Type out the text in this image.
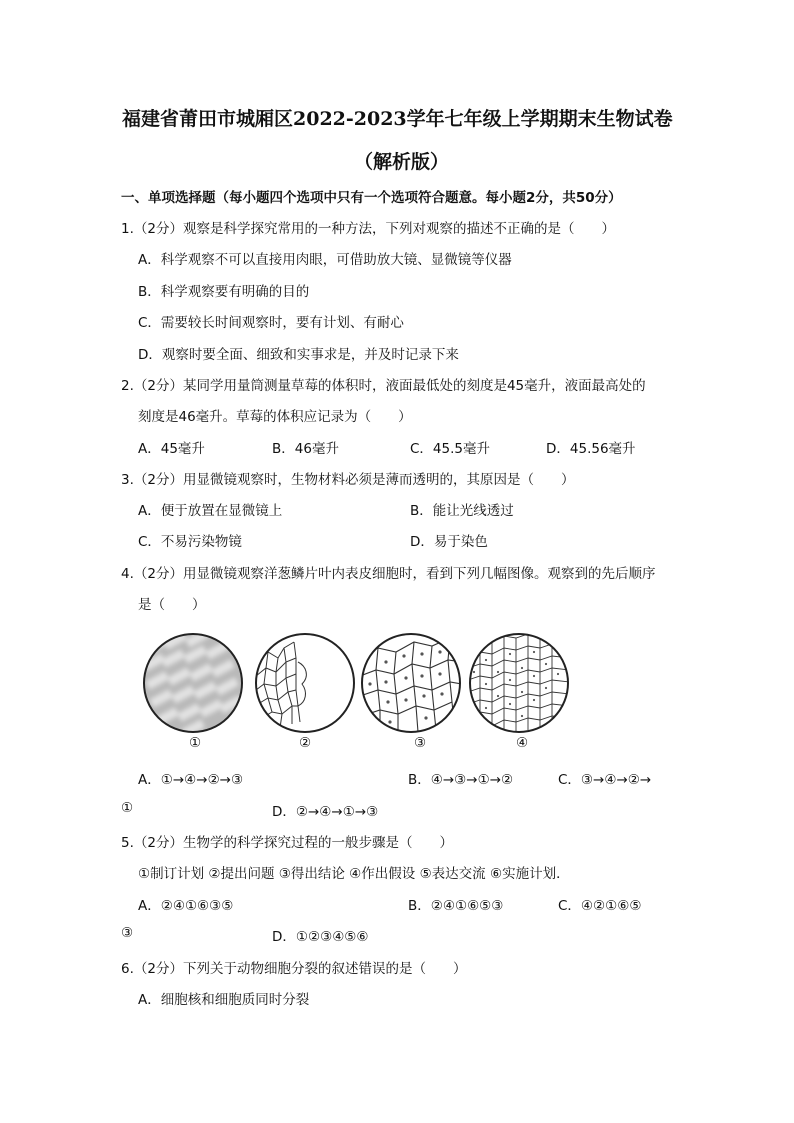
福建省莆田市城厢区2022-2023学年七年级上学期期末生物试卷
（解析版）
一、单项选择题（每小题四个选项中只有一个选项符合题意。每小题2分，共50分）
1.（2分）观察是科学探究常用的一种方法，下列对观察的描述不正确的是（　　）
A．科学观察不可以直接用肉眼，可借助放大镜、显微镜等仪器
B．科学观察要有明确的目的
C．需要较长时间观察时，要有计划、有耐心
D．观察时要全面、细致和实事求是，并及时记录下来
2.（2分）某同学用量筒测量草莓的体积时，液面最低处的刻度是45毫升，液面最高处的
刻度是46毫升。草莓的体积应记录为（　　）
A．45毫升	B．46毫升	C．45.5毫升	D．45.56毫升
3.（2分）用显微镜观察时，生物材料必须是薄而透明的，其原因是（　　）
A．便于放置在显微镜上	B．能让光线透过
C．不易污染物镜	D．易于染色
4.（2分）用显微镜观察洋葱鳞片叶内表皮细胞时，看到下列几幅图像。观察到的先后顺序
是（　　）
①	②	③	④
A．①→④→②→③	B．④→③→①→②	C．③→④→②→
①	D．②→④→①→③
5.（2分）生物学的科学探究过程的一般步骤是（　　）
①制订计划 ②提出问题 ③得出结论 ④作出假设 ⑤表达交流 ⑥实施计划．
A．②④①⑥③⑤	B．②④①⑥⑤③	C．④②①⑥⑤
③	D．①②③④⑤⑥
6.（2分）下列关于动物细胞分裂的叙述错误的是（　　）
A．细胞核和细胞质同时分裂
